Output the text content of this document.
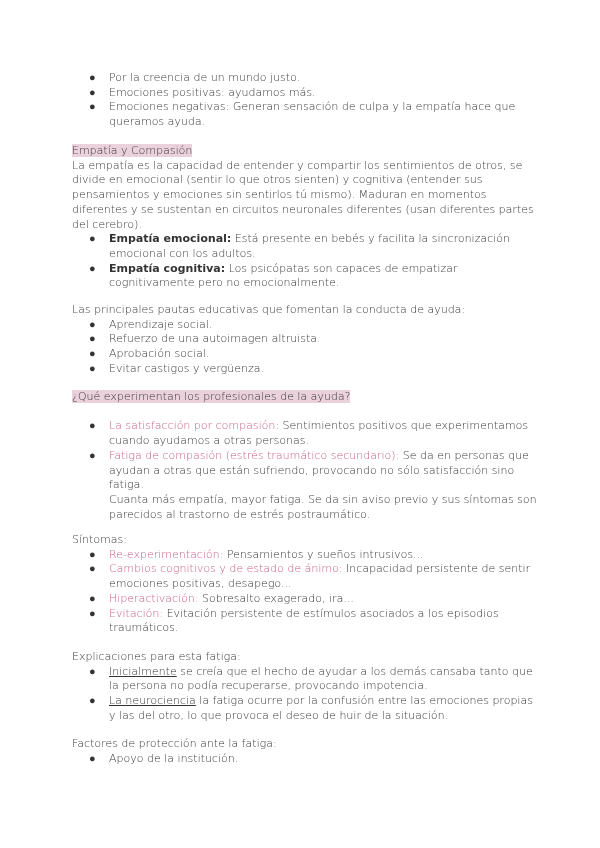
● Por la creencia de un mundo justo.
● Emociones positivas: ayudamos más.
● Emociones negativas: Generan sensación de culpa y la empatía hace que queramos ayuda.

Empatía y Compasión

La empatía es la capacidad de entender y compartir los sentimientos de otros, se divide en emocional (sentir lo que otros sienten) y cognitiva (entender sus pensamientos y emociones sin sentirlos tú mismo). Maduran en momentos diferentes y se sustentan en circuitos neuronales diferentes (usan diferentes partes del cerebro).

● Empatía emocional: Está presente en bebés y facilita la sincronización emocional con los adultos.
● Empatía cognitiva: Los psicópatas son capaces de empatizar cognitivamente pero no emocionalmente.

Las principales pautas educativas que fomentan la conducta de ayuda:

● Aprendizaje social.
● Refuerzo de una autoimagen altruista.
● Aprobación social.
● Evitar castigos y vergüenza.

¿Qué experimentan los profesionales de la ayuda?

● La satisfacción por compasión: Sentimientos positivos que experimentamos cuando ayudamos a otras personas.
● Fatiga de compasión (estrés traumático secundario): Se da en personas que ayudan a otras que están sufriendo, provocando no sólo satisfacción sino fatiga.
Cuanta más empatía, mayor fatiga. Se da sin aviso previo y sus síntomas son parecidos al trastorno de estrés postraumático.

Síntomas:

● Re-experimentación: Pensamientos y sueños intrusivos...
● Cambios cognitivos y de estado de ánimo: Incapacidad persistente de sentir emociones positivas, desapego...
● Hiperactivación: Sobresalto exagerado, ira...
● Evitación: Evitación persistente de estímulos asociados a los episodios traumáticos.

Explicaciones para esta fatiga:

● Inicialmente se creía que el hecho de ayudar a los demás cansaba tanto que la persona no podía recuperarse, provocando impotencia.
● La neurociencia la fatiga ocurre por la confusión entre las emociones propias y las del otro, lo que provoca el deseo de huir de la situación.

Factores de protección ante la fatiga:

● Apoyo de la institución.
